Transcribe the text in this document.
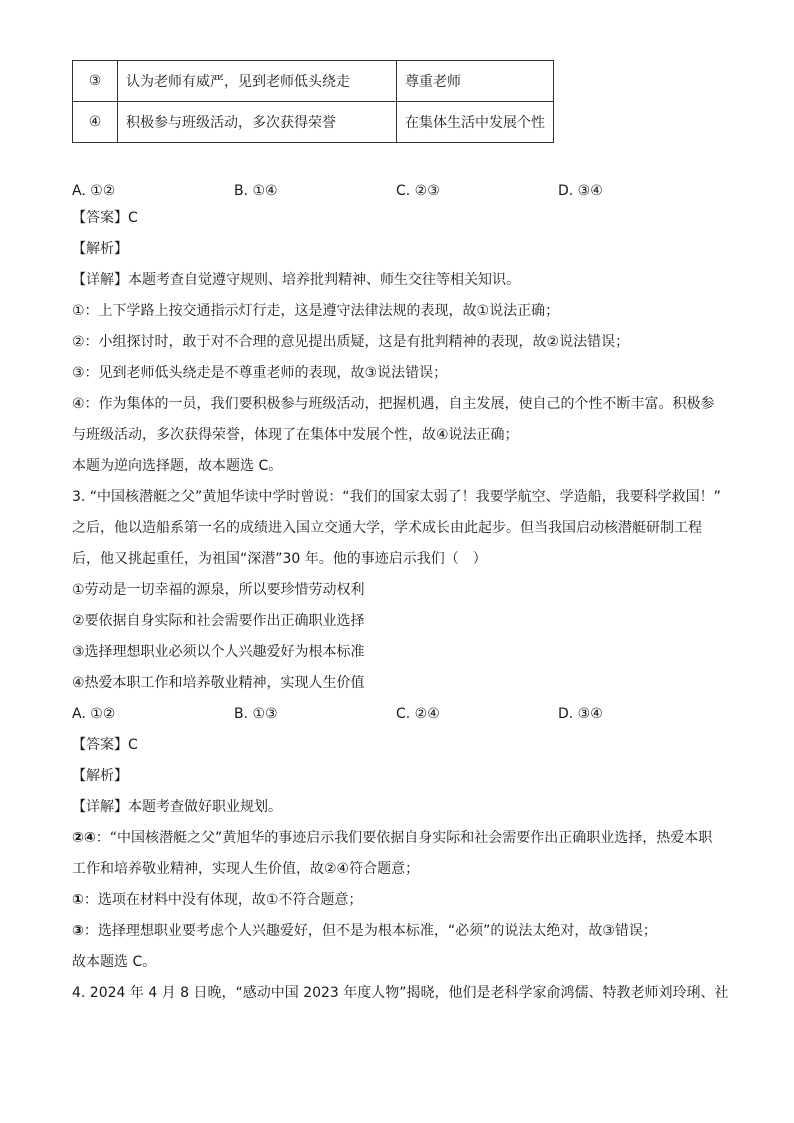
③	认为老师有威严，见到老师低头绕走	尊重老师
④	积极参与班级活动，多次获得荣誉	在集体生活中发展个性
A. ①②	B. ①④	C. ②③	D. ③④
【答案】C
【解析】
【详解】本题考查自觉遵守规则、培养批判精神、师生交往等相关知识。
①：上下学路上按交通指示灯行走，这是遵守法律法规的表现，故①说法正确；
②：小组探讨时，敢于对不合理的意见提出质疑，这是有批判精神的表现，故②说法错误；
③：见到老师低头绕走是不尊重老师的表现，故③说法错误；
④：作为集体的一员，我们要积极参与班级活动，把握机遇，自主发展，使自己的个性不断丰富。积极参
与班级活动，多次获得荣誉，体现了在集体中发展个性，故④说法正确；
本题为逆向选择题，故本题选 C。
3. “中国核潜艇之父”黄旭华读中学时曾说：“我们的国家太弱了！我要学航空、学造船，我要科学救国！”
之后，他以造船系第一名的成绩进入国立交通大学，学术成长由此起步。但当我国启动核潜艇研制工程
后，他又挑起重任，为祖国“深潜”30 年。他的事迹启示我们（　）
①劳动是一切幸福的源泉，所以要珍惜劳动权利
②要依据自身实际和社会需要作出正确职业选择
③选择理想职业必须以个人兴趣爱好为根本标准
④热爱本职工作和培养敬业精神，实现人生价值
A. ①②	B. ①③	C. ②④	D. ③④
【答案】C
【解析】
【详解】本题考查做好职业规划。
②④：“中国核潜艇之父”黄旭华的事迹启示我们要依据自身实际和社会需要作出正确职业选择，热爱本职
工作和培养敬业精神，实现人生价值，故②④符合题意；
①：选项在材料中没有体现，故①不符合题意；
③：选择理想职业要考虑个人兴趣爱好，但不是为根本标准，“必须”的说法太绝对，故③错误；
故本题选 C。
4. 2024 年 4 月 8 日晚，“感动中国 2023 年度人物”揭晓，他们是老科学家俞鸿儒、特教老师刘玲琍、社
